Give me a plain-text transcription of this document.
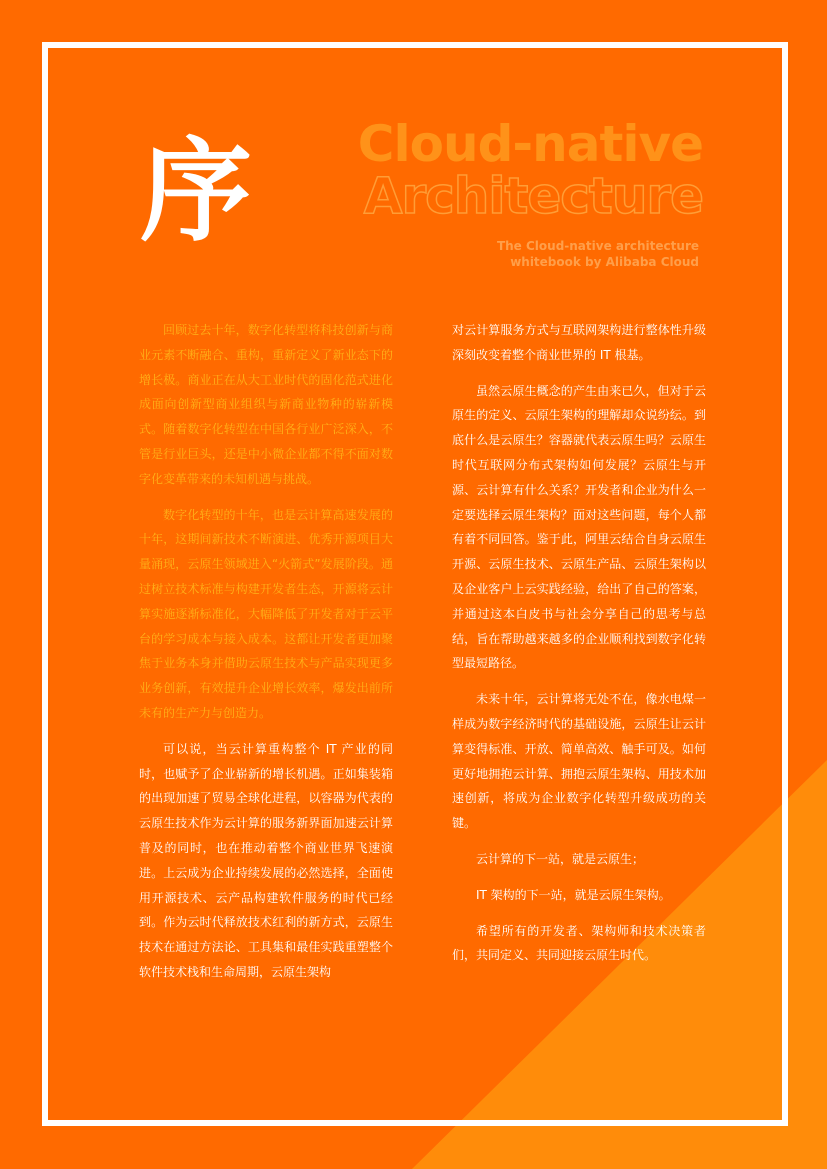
序 Cloud-native
Architecture
The Cloud-native architecture
whitebook by Alibaba Cloud

回顾过去十年，数字化转型将科技创新与商业元素不断融合、重构，重新定义了新业态下的增长极。商业正在从大工业时代的固化范式进化成面向创新型商业组织与新商业物种的崭新模式。随着数字化转型在中国各行业广泛深入，不管是行业巨头，还是中小微企业都不得不面对数字化变革带来的未知机遇与挑战。

数字化转型的十年，也是云计算高速发展的十年，这期间新技术不断演进、优秀开源项目大量涌现，云原生领域进入“火箭式”发展阶段。通过树立技术标准与构建开发者生态，开源将云计算实施逐渐标准化，大幅降低了开发者对于云平台的学习成本与接入成本。这都让开发者更加聚焦于业务本身并借助云原生技术与产品实现更多业务创新，有效提升企业增长效率，爆发出前所未有的生产力与创造力。

可以说，当云计算重构整个 IT 产业的同时，也赋予了企业崭新的增长机遇。正如集装箱的出现加速了贸易全球化进程，以容器为代表的云原生技术作为云计算的服务新界面加速云计算普及的同时，也在推动着整个商业世界飞速演进。上云成为企业持续发展的必然选择，全面使用开源技术、云产品构建软件服务的时代已经到。作为云时代释放技术红利的新方式，云原生技术在通过方法论、工具集和最佳实践重塑整个软件技术栈和生命周期，云原生架构

对云计算服务方式与互联网架构进行整体性升级深刻改变着整个商业世界的 IT 根基。

虽然云原生概念的产生由来已久，但对于云原生的定义、云原生架构的理解却众说纷纭。到底什么是云原生？容器就代表云原生吗？云原生时代互联网分布式架构如何发展？云原生与开源、云计算有什么关系？开发者和企业为什么一定要选择云原生架构？面对这些问题，每个人都有着不同回答。鉴于此，阿里云结合自身云原生开源、云原生技术、云原生产品、云原生架构以及企业客户上云实践经验，给出了自己的答案，并通过这本白皮书与社会分享自己的思考与总结，旨在帮助越来越多的企业顺利找到数字化转型最短路径。

未来十年，云计算将无处不在，像水电煤一样成为数字经济时代的基础设施，云原生让云计算变得标准、开放、简单高效、触手可及。如何更好地拥抱云计算、拥抱云原生架构、用技术加速创新，将成为企业数字化转型升级成功的关键。

云计算的下一站，就是云原生；

IT 架构的下一站，就是云原生架构。

希望所有的开发者、架构师和技术决策者们，共同定义、共同迎接云原生时代。
